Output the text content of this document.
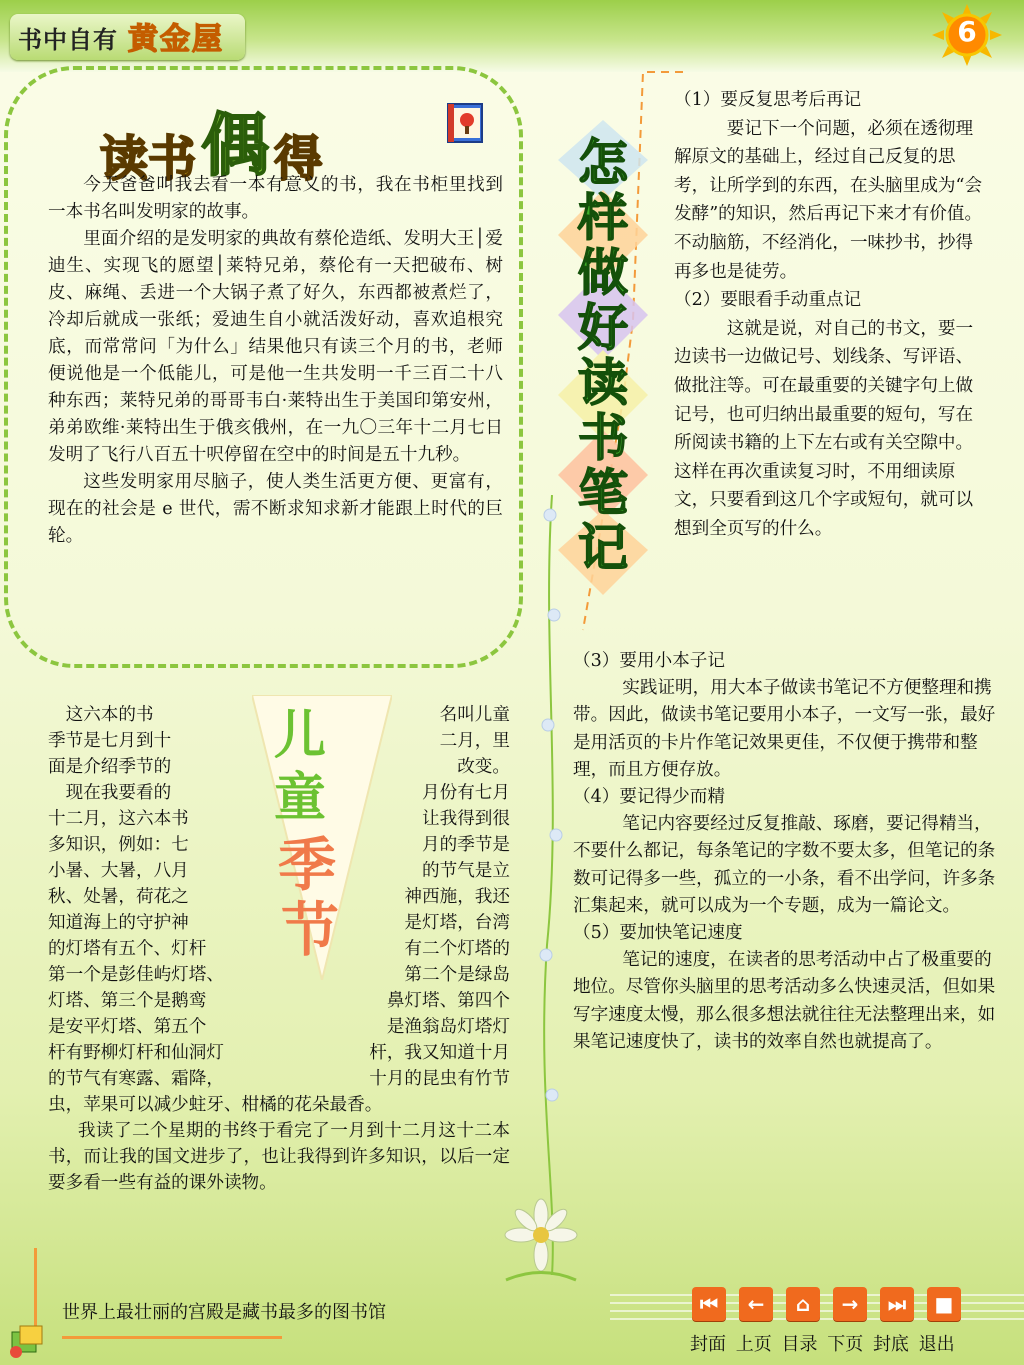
书中自有 黄金屋	6
读书 偶 得

今天爸爸叫我去看一本有意义的书，我在书柜里找到一本书名叫发明家的故事。

里面介绍的是发明家的典故有蔡伦造纸、发明大王│爱迪生、实现飞的愿望│莱特兄弟，蔡伦有一天把破布、树皮、麻绳、丢进一个大锅子煮了好久，东西都被煮烂了，冷却后就成一张纸；爱迪生自小就活泼好动，喜欢追根究底，而常常问「为什么」结果他只有读三个月的书，老师便说他是一个低能儿，可是他一生共发明一千三百二十八种东西；莱特兄弟的哥哥韦白·莱特出生于美国印第安州，弟弟欧维·莱特出生于俄亥俄州，在一九〇三年十二月七日发明了飞行八百五十呎停留在空中的时间是五十九秒。

这些发明家用尽脑子，使人类生活更方便、更富有，现在的社会是 e 世代，需不断求知求新才能跟上时代的巨轮。

怎
样
做
好
读
书
笔
记

（1）要反复思考后再记
要记下一个问题，必须在透彻理解原文的基础上，经过自己反复的思考，让所学到的东西，在头脑里成为“会发酵”的知识，然后再记下来才有价值。不动脑筋，不经消化，一味抄书，抄得再多也是徒劳。

（2）要眼看手动重点记
这就是说，对自己的书文，要一边读书一边做记号、划线条、写评语、做批注等。可在最重要的关键字句上做记号，也可归纳出最重要的短句，写在所阅读书籍的上下左右或有关空隙中。这样在再次重读复习时，不用细读原文，只要看到这几个字或短句，就可以想到全页写的什么。

儿
童
季
节
　这六本的书	名叫儿童
季节是七月到十	二月，里
面是介绍季节的	改变。
　现在我要看的	月份有七月
十二月，这六本书	让我得到很
多知识，例如：七	月的季节是
小暑、大暑，八月	的节气是立
秋、处暑，荷花之	神西施，我还
知道海上的守护神	是灯塔，台湾
的灯塔有五个、灯杆	有二个灯塔的
第一个是彭佳屿灯塔、	第二个是绿岛
灯塔、第三个是鹅鸾	鼻灯塔、第四个
是安平灯塔、第五个	是渔翁岛灯塔灯
杆有野柳灯杆和仙洞灯	杆，我又知道十月
的节气有寒露、霜降，	十月的昆虫有竹节

虫，苹果可以减少蛀牙、柑橘的花朵最香。

我读了二个星期的书终于看完了一月到十二月这十二本书，而让我的国文进步了，也让我得到许多知识，以后一定要多看一些有益的课外读物。

（3）要用小本子记
实践证明，用大本子做读书笔记不方便整理和携带。因此，做读书笔记要用小本子，一文写一张，最好是用活页的卡片作笔记效果更佳，不仅便于携带和整理，而且方便存放。

（4）要记得少而精
笔记内容要经过反复推敲、琢磨，要记得精当，不要什么都记，每条笔记的字数不要太多，但笔记的条数可记得多一些，孤立的一小条，看不出学问，许多条汇集起来，就可以成为一个专题，成为一篇论文。

（5）要加快笔记速度
笔记的速度，在读者的思考活动中占了极重要的地位。尽管你头脑里的思考活动多么快速灵活，但如果写字速度太慢，那么很多想法就往往无法整理出来，如果笔记速度快了，读书的效率自然也就提高了。

世界上最壮丽的宫殿是藏书最多的图书馆	⏮ ← ⌂ → ⏭ ■
封面 上页 目录 下页 封底 退出
